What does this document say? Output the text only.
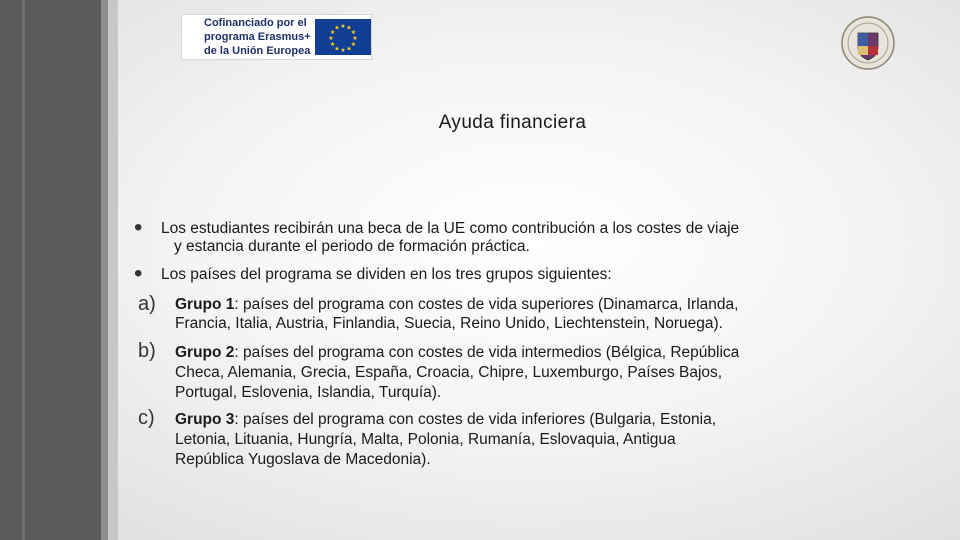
Cofinanciado por el
programa Erasmus+
de la Unión Europea
★ ★
★
★
★
★
★
★
★
★
★
★
Ayuda financiera
• Los estudiantes recibirán una beca de la UE como contribución a los costes de viaje
y estancia durante el periodo de formación práctica.
• Los países del programa se dividen en los tres grupos siguientes:
a) Grupo 1: países del programa con costes de vida superiores (Dinamarca, Irlanda,
Francia, Italia, Austria, Finlandia, Suecia, Reino Unido, Liechtenstein, Noruega).
b) Grupo 2: países del programa con costes de vida intermedios (Bélgica, República
Checa, Alemania, Grecia, España, Croacia, Chipre, Luxemburgo, Países Bajos,
Portugal, Eslovenia, Islandia, Turquía).
c) Grupo 3: países del programa con costes de vida inferiores (Bulgaria, Estonia,
Letonia, Lituania, Hungría, Malta, Polonia, Rumanía, Eslovaquia, Antigua
República Yugoslava de Macedonia).
